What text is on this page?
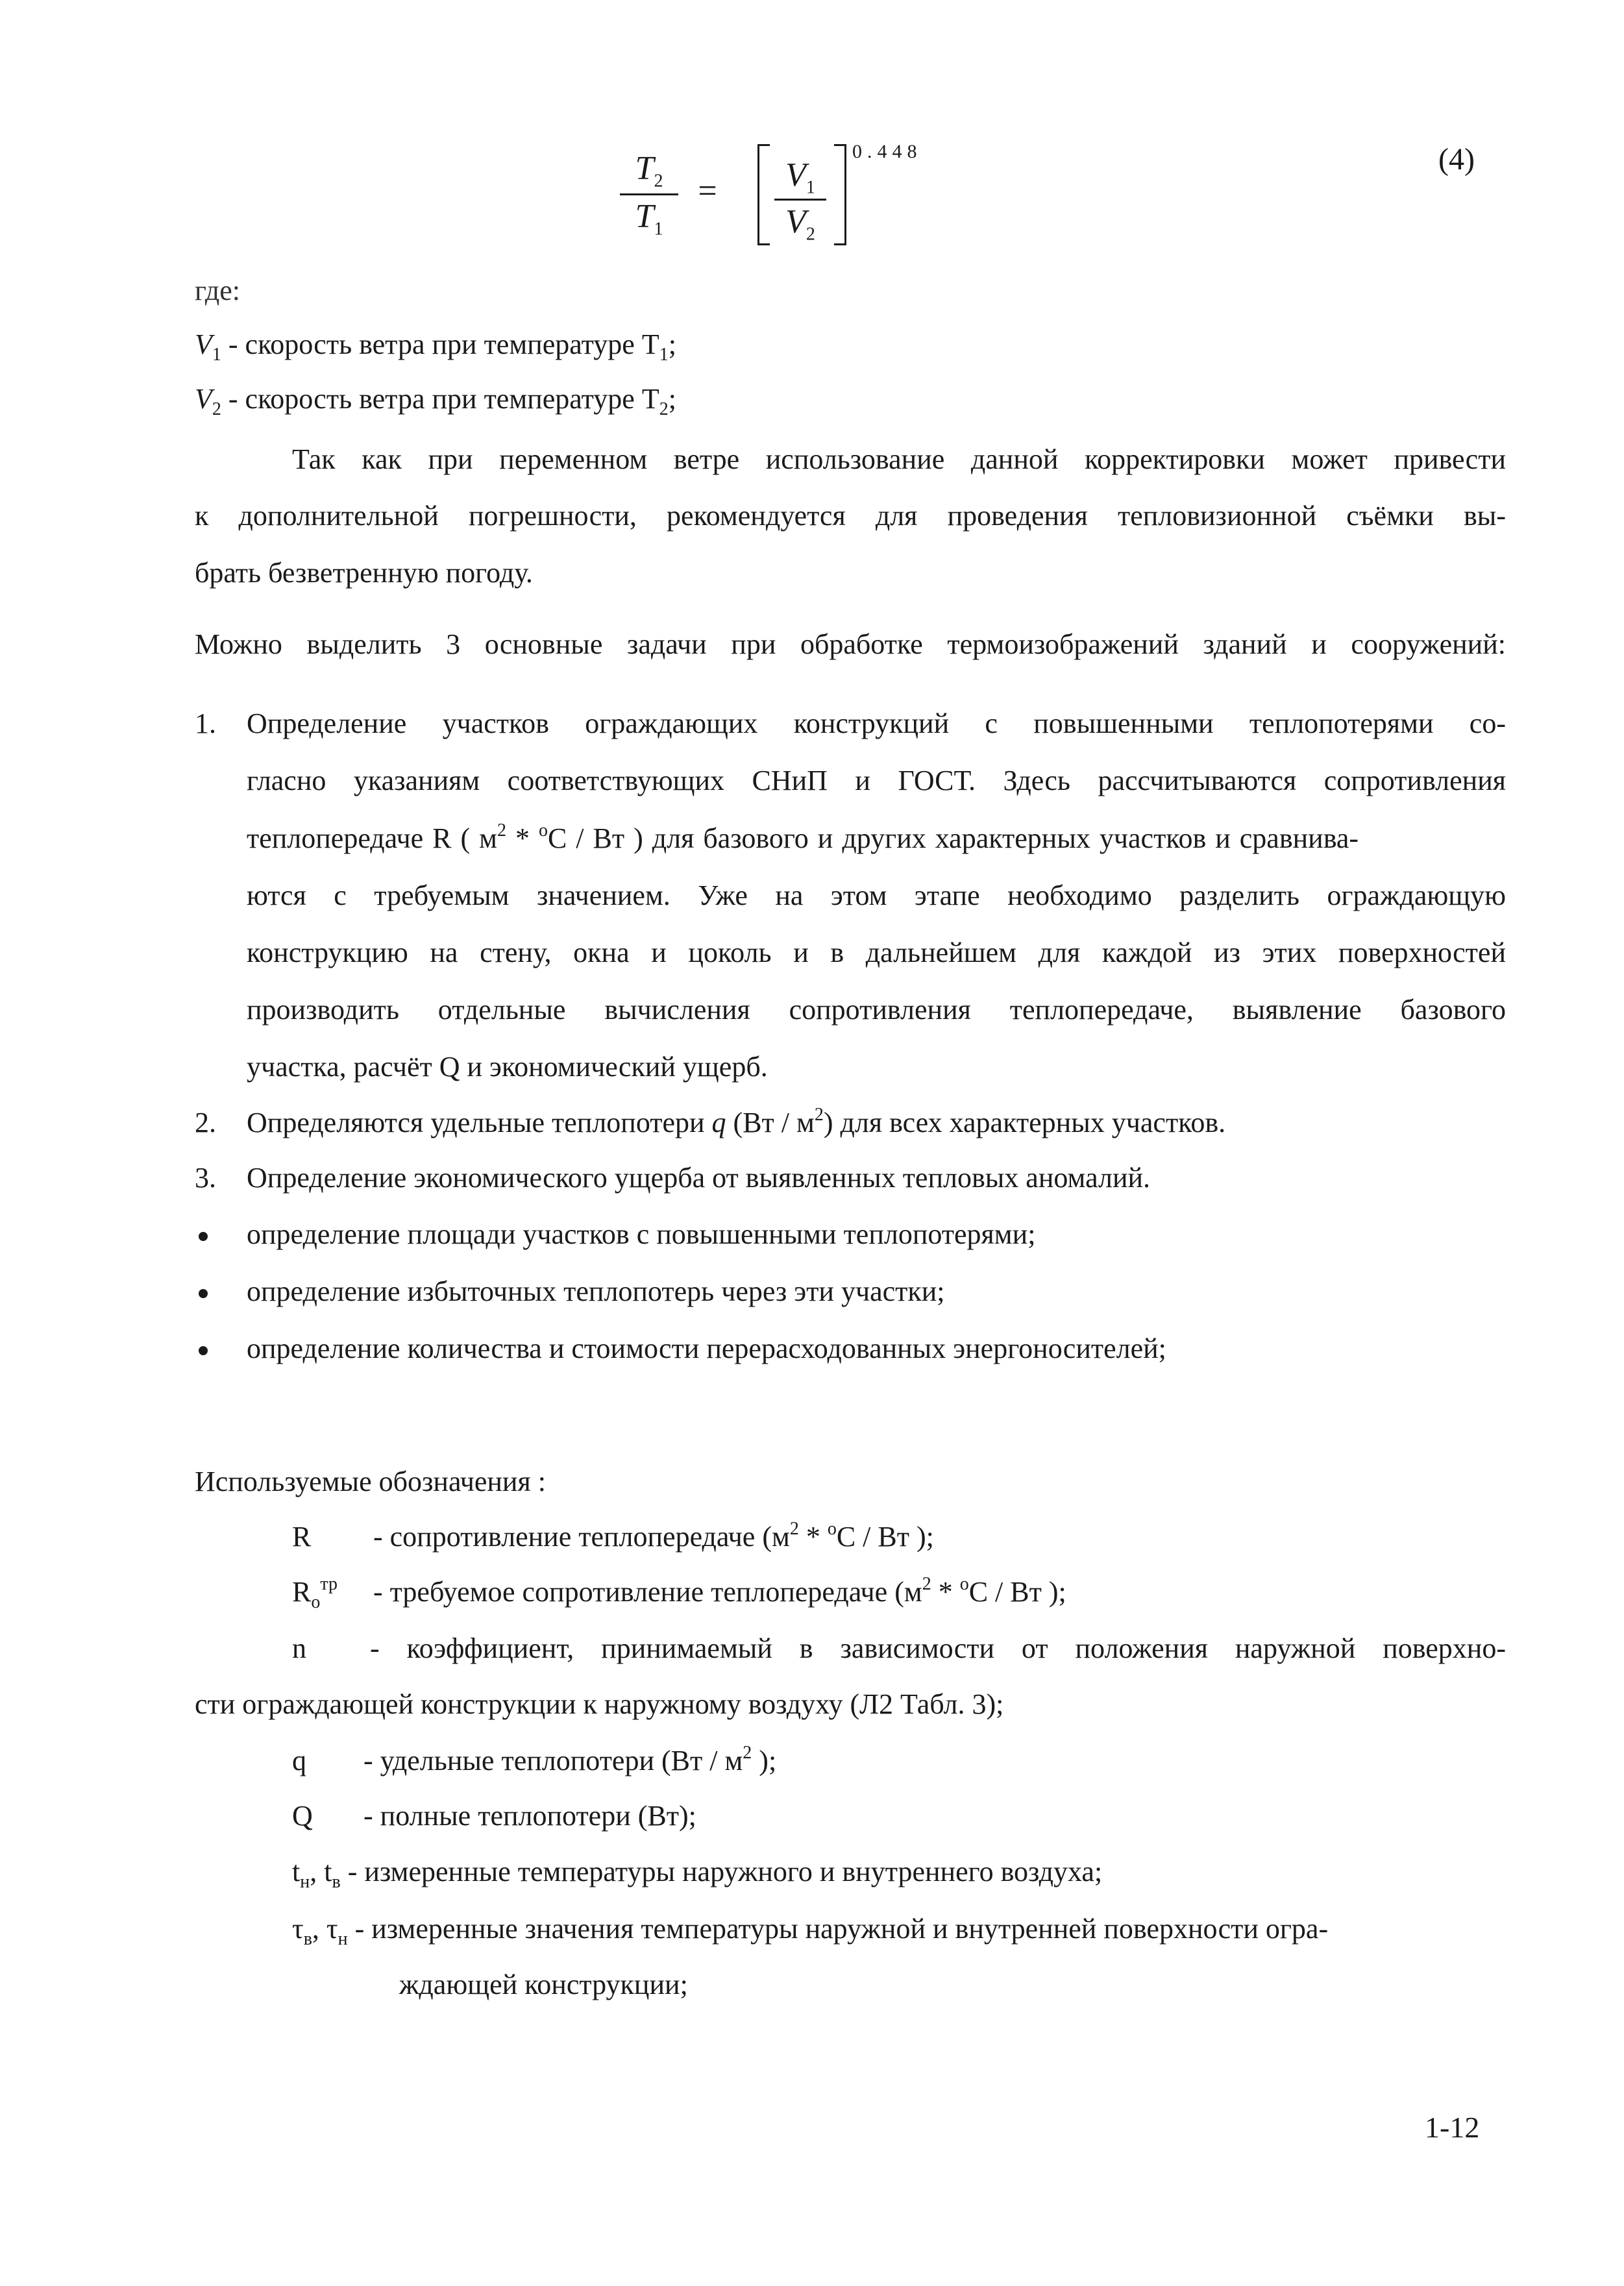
$T_2$
$T_1$
=	$V_1$
$V_2$
0.448	(4)
где:
$V_1$ - скорость ветра при температуре $T_1$;
$V_2$ - скорость ветра при температуре $T_2$;
Так как при переменном ветре использование данной корректировки может привести
к дополнительной погрешности, рекомендуется для проведения тепловизионной съёмки вы-
брать безветренную погоду.
Можно выделить 3 основные задачи при обработке термоизображений зданий и сооружений:
1. Определение участков ограждающих конструкций с повышенными теплопотерями со-
гласно указаниям соответствующих СНиП и ГОСТ. Здесь рассчитываются сопротивления
теплопередаче R ( $м^2 * ^oC$ / Вт ) для базового и других характерных участков и сравнива-
ются с требуемым значением. Уже на этом этапе необходимо разделить ограждающую
конструкцию на стену, окна и цоколь и в дальнейшем для каждой из этих поверхностей
производить отдельные вычисления сопротивления теплопередаче, выявление базового
участка, расчёт Q и экономический ущерб.
2. Определяются удельные теплопотери q $(Вт / м^2)$ для всех характерных участков.
3. Определение экономического ущерба от выявленных тепловых аномалий.
определение площади участков с повышенными теплопотерями;
определение избыточных теплопотерь через эти участки;
определение количества и стоимости перерасходованных энергоносителей;
Используемые обозначения :
R - сопротивление теплопередаче ($м^2 * ^oC$ / Вт );
$R_o^{тр}$ - требуемое сопротивление теплопередаче ($м^2 * ^oC$ / Вт );
n - коэффициент, принимаемый в зависимости от положения наружной поверхно-
сти ограждающей конструкции к наружному воздуху (Л2 Табл. 3);
q - удельные теплопотери ($Вт / м^2$ );
Q - полные теплопотери (Вт);
$t_н$, $t_в$ - измеренные температуры наружного и внутреннего воздуха;
$\tau_в$, $\tau_н$ - измеренные значения температуры наружной и внутренней поверхности огра-
ждающей конструкции;
1-12
